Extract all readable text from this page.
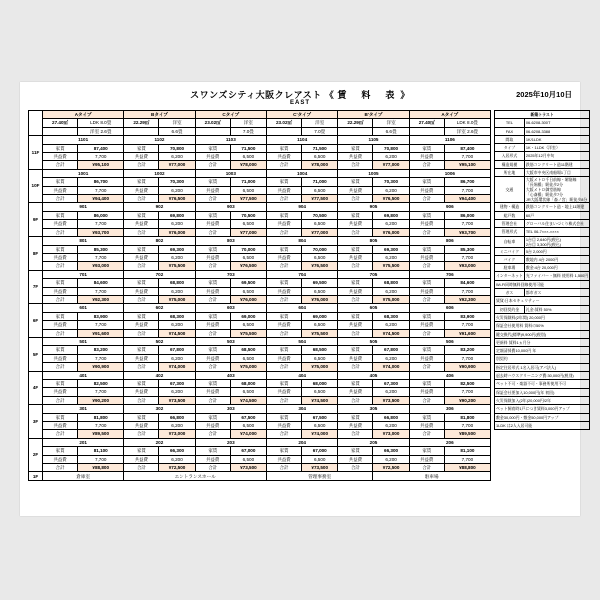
スワンズシティ大阪クレアスト 《 賃　料　表 》
EAST
2025年10月10日
	Aタイプ		Bタイプ		Cタイプ		C'タイプ		B'タイプ		Aタイプ	
	27.40㎡	LDK 8.0畳	22.29㎡	洋室	23.02㎡	洋室	23.02㎡	洋室	22.29㎡	洋室	27.40㎡	LDK 8.0畳
		洋室 2.6畳		6.6畳		7.0畳		7.0畳		6.6畳		洋室 2.6畳
11F	1101		1102		1103		1104		1105		1106	
	家賃	87,400	家賃	70,800	家賃	71,500	家賃	71,500	家賃	70,800	家賃	87,400
	共益費	7,700	共益費	6,200	共益費	6,500	共益費	6,500	共益費	6,200	共益費	7,700
	合計	¥95,100	合計	¥77,000	合計	¥78,000	合計	¥78,000	合計	¥77,000	合計	¥95,100
10F	1001		1002		1003		1004		1005		1006	
	家賃	86,700	家賃	70,300	家賃	71,000	家賃	71,000	家賃	70,300	家賃	86,700
	共益費	7,700	共益費	6,200	共益費	6,500	共益費	6,500	共益費	6,200	共益費	7,700
	合計	¥94,400	合計	¥76,500	合計	¥77,500	合計	¥77,500	合計	¥76,500	合計	¥94,400
9F	901		902		903		904		905		906	
	家賃	86,000	家賃	69,800	家賃	70,500	家賃	70,500	家賃	69,800	家賃	86,000
	共益費	7,700	共益費	6,200	共益費	6,500	共益費	6,500	共益費	6,200	共益費	7,700
	合計	¥93,700	合計	¥76,000	合計	¥77,000	合計	¥77,000	合計	¥76,000	合計	¥93,700
8F	801		802		803		804		805		806	
	家賃	85,300	家賃	69,300	家賃	70,000	家賃	70,000	家賃	69,300	家賃	85,300
	共益費	7,700	共益費	6,200	共益費	6,500	共益費	6,500	共益費	6,200	共益費	7,700
	合計	¥93,000	合計	¥75,500	合計	¥76,500	合計	¥76,500	合計	¥75,500	合計	¥93,000
7F	701		702		703		704		705		706	
	家賃	84,600	家賃	68,800	家賃	69,500	家賃	69,500	家賃	68,800	家賃	84,600
	共益費	7,700	共益費	6,200	共益費	6,500	共益費	6,500	共益費	6,200	共益費	7,700
	合計	¥92,300	合計	¥75,000	合計	¥76,000	合計	¥76,000	合計	¥75,000	合計	¥92,300
6F	601		602		603		604		605		606	
	家賃	83,900	家賃	68,300	家賃	69,000	家賃	69,000	家賃	68,300	家賃	83,900
	共益費	7,700	共益費	6,200	共益費	6,500	共益費	6,500	共益費	6,200	共益費	7,700
	合計	¥91,600	合計	¥74,500	合計	¥75,500	合計	¥75,500	合計	¥74,500	合計	¥91,600
5F	501		502		503		504		505		506	
	家賃	83,200	家賃	67,800	家賃	68,500	家賃	68,500	家賃	67,800	家賃	83,200
	共益費	7,700	共益費	6,200	共益費	6,500	共益費	6,500	共益費	6,200	共益費	7,700
	合計	¥90,900	合計	¥74,000	合計	¥75,000	合計	¥75,000	合計	¥74,000	合計	¥90,900
4F	401		402		403		404		405		406	
	家賃	82,500	家賃	67,300	家賃	68,000	家賃	68,000	家賃	67,300	家賃	82,500
	共益費	7,700	共益費	6,200	共益費	6,500	共益費	6,500	共益費	6,200	共益費	7,700
	合計	¥90,200	合計	¥73,500	合計	¥74,500	合計	¥74,500	合計	¥73,500	合計	¥90,200
3F	301		302		303		304		305		306	
	家賃	81,800	家賃	66,800	家賃	67,500	家賃	67,500	家賃	66,800	家賃	81,800
	共益費	7,700	共益費	6,200	共益費	6,500	共益費	6,500	共益費	6,200	共益費	7,700
	合計	¥89,500	合計	¥73,000	合計	¥74,000	合計	¥74,000	合計	¥73,000	合計	¥89,500
2F	201		202		203		204		205		206	
	家賃	81,100	家賃	66,300	家賃	67,000	家賃	67,000	家賃	66,300	家賃	81,100
	共益費	7,700	共益費	6,200	共益費	6,500	共益費	6,500	共益費	6,200	共益費	7,700
	合計	¥88,800	合計	¥72,500	合計	¥73,500	合計	¥73,500	合計	¥72,500	合計	¥88,800
1F	倉庫室		エントランスホール				管理事務室			駐車場		
新築トラスト	
TEL	06-6208-300T
FAX	06-6208-3388
間取	1K/1LDK
タイプ	1K・1LDK（洋室）
入居形式	2025年12月中旬
構造規模	鉄筋コンクリート造11階建
所在地	大阪市中央区南船場1丁目
交通	大阪メトロ千日前線・堺筋線
「長堀橋」駅徒歩2分
大阪メトロ御堂筋線
「心斎橋」駅徒歩7分
JR大阪環状線「森ノ宮」駅徒歩8分
建物・構造	鉄筋コンクリート造・地上11階建
総戸数	60戸
管理会社	グローバル住まいづくり株式会社
管理形式	TEL 06-7×××-××××
自転車	1台目 2,640円(税込)
2台目 3,300円(税込)
ミニバイク	5台 2,000円
バイク	敷地内 4台 2000円
駐車場	敷金:4台 20,000円
インターネット	光ファイバー・無料 使用料 1,500円
Wi-Fi同時無料回線使用可能	
ガス	都市ガス
賃貸:日本セキュリティー	
初回契約金	礼金:賃料 50%
火災保険料(2年間) 20,000円	
保証会社使用料 賃料の50%	
鍵交換代(標準)9,900円(税別)	
更新料 賃料1ヵ月分	
定額清掃費10,000円 年	
別契約	
指定住居形式 1名入居可(アパ法人)	
退去時ハウスクリーニング費:30,000円(税別)	
ペット不可・楽器不可・事務所使用不可	
保証会社要加入10,000円(年 初回)	
火災保険加入(2年)20,000円/2年	
ペット飼育時1戸につき賃料3,000円アップ	
敷金30,000円・敷金50,000円アップ	
1LDK は2人入居可能	
